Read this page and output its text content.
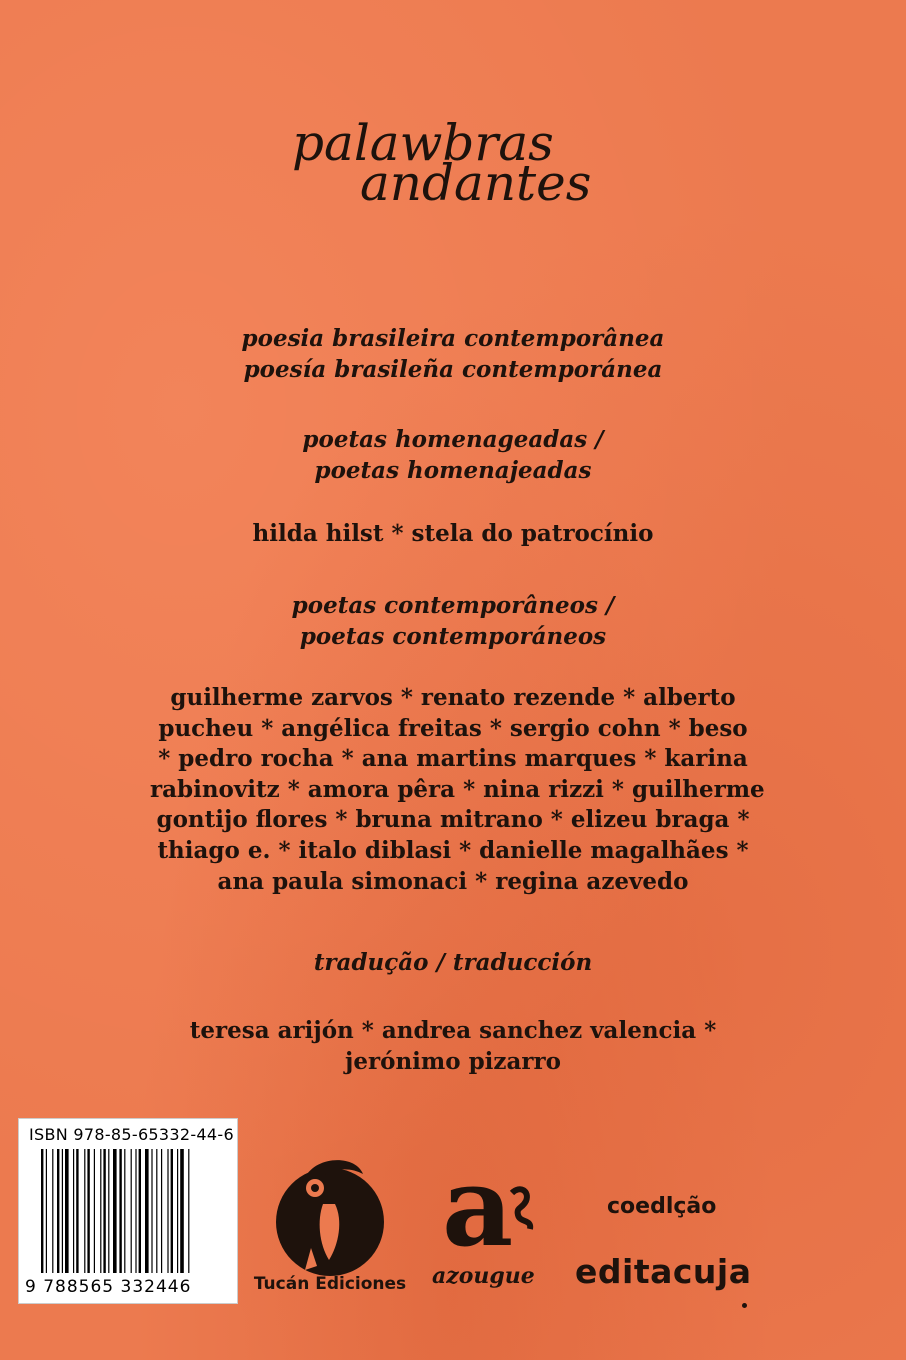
palawbras
andantes
poesia brasileira contemporânea
poesía brasileña contemporánea
poetas homenageadas /
poetas homenajeadas
hilda hilst * stela do patrocínio
poetas contemporâneos /
poetas contemporáneos
guilherme zarvos * renato rezende * alberto
pucheu * angélica freitas * sergio cohn * beso
* pedro rocha * ana martins marques * karina
rabinovitz * amora pêra * nina rizzi * guilherme
gontijo flores * bruna mitrano * elizeu braga *
thiago e. * italo diblasi * danielle magalhães *
ana paula simonaci * regina azevedo
tradução / traducción
teresa arijón * andrea sanchez valencia *
jerónimo pizarro
ISBN 978-85-65332-44-6
9 788565 332446	Tucán Ediciones
a
azougue
coedlção
editacuja
